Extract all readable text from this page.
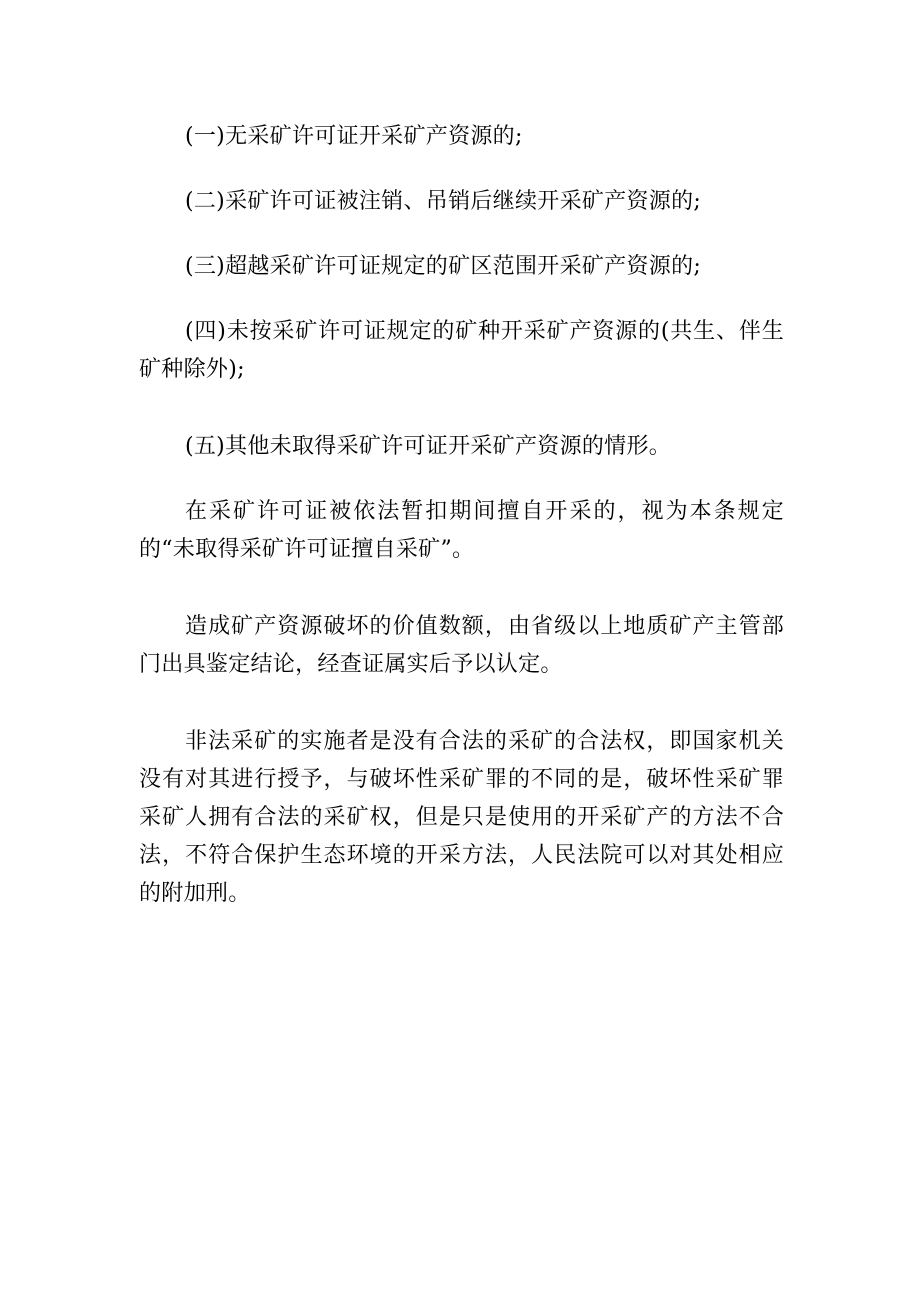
(一)无采矿许可证开采矿产资源的;

(二)采矿许可证被注销、吊销后继续开采矿产资源的;

(三)超越采矿许可证规定的矿区范围开采矿产资源的;

(四)未按采矿许可证规定的矿种开采矿产资源的(共生、伴生矿种除外);

(五)其他未取得采矿许可证开采矿产资源的情形。

在采矿许可证被依法暂扣期间擅自开采的，视为本条规定的“未取得采矿许可证擅自采矿”。

造成矿产资源破坏的价值数额，由省级以上地质矿产主管部门出具鉴定结论，经查证属实后予以认定。

非法采矿的实施者是没有合法的采矿的合法权，即国家机关没有对其进行授予，与破坏性采矿罪的不同的是，破坏性采矿罪采矿人拥有合法的采矿权，但是只是使用的开采矿产的方法不合法，不符合保护生态环境的开采方法，人民法院可以对其处相应的附加刑。
